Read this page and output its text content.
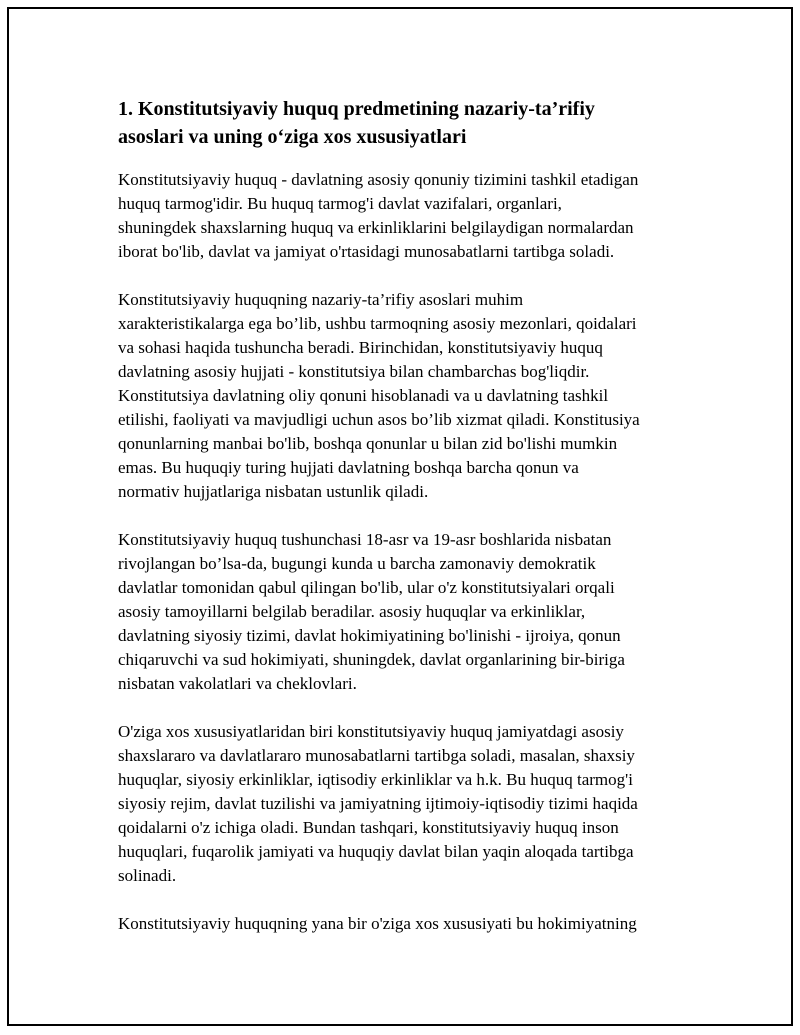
1. Konstitutsiyaviy huquq predmetining nazariy-ta’rifiy
asoslari va uning o‘ziga xos xususiyatlari

Konstitutsiyaviy huquq - davlatning asosiy qonuniy tizimini tashkil etadigan
huquq tarmog'idir. Bu huquq tarmog'i davlat vazifalari, organlari,
shuningdek shaxslarning huquq va erkinliklarini belgilaydigan normalardan
iborat bo'lib, davlat va jamiyat o'rtasidagi munosabatlarni tartibga soladi.

Konstitutsiyaviy huquqning nazariy-ta’rifiy asoslari muhim
xarakteristikalarga ega bo’lib, ushbu tarmoqning asosiy mezonlari, qoidalari
va sohasi haqida tushuncha beradi. Birinchidan, konstitutsiyaviy huquq
davlatning asosiy hujjati - konstitutsiya bilan chambarchas bog'liqdir.
Konstitutsiya davlatning oliy qonuni hisoblanadi va u davlatning tashkil
etilishi, faoliyati va mavjudligi uchun asos bo’lib xizmat qiladi. Konstitusiya
qonunlarning manbai bo'lib, boshqa qonunlar u bilan zid bo'lishi mumkin
emas. Bu huquqiy turing hujjati davlatning boshqa barcha qonun va
normativ hujjatlariga nisbatan ustunlik qiladi.

Konstitutsiyaviy huquq tushunchasi 18-asr va 19-asr boshlarida nisbatan
rivojlangan bo’lsa-da, bugungi kunda u barcha zamonaviy demokratik
davlatlar tomonidan qabul qilingan bo'lib, ular o'z konstitutsiyalari orqali
asosiy tamoyillarni belgilab beradilar. asosiy huquqlar va erkinliklar,
davlatning siyosiy tizimi, davlat hokimiyatining bo'linishi - ijroiya, qonun
chiqaruvchi va sud hokimiyati, shuningdek, davlat organlarining bir-biriga
nisbatan vakolatlari va cheklovlari.

O'ziga xos xususiyatlaridan biri konstitutsiyaviy huquq jamiyatdagi asosiy
shaxslararo va davlatlararo munosabatlarni tartibga soladi, masalan, shaxsiy
huquqlar, siyosiy erkinliklar, iqtisodiy erkinliklar va h.k. Bu huquq tarmog'i
siyosiy rejim, davlat tuzilishi va jamiyatning ijtimoiy-iqtisodiy tizimi haqida
qoidalarni o'z ichiga oladi. Bundan tashqari, konstitutsiyaviy huquq inson
huquqlari, fuqarolik jamiyati va huquqiy davlat bilan yaqin aloqada tartibga
solinadi.

Konstitutsiyaviy huquqning yana bir o'ziga xos xususiyati bu hokimiyatning
